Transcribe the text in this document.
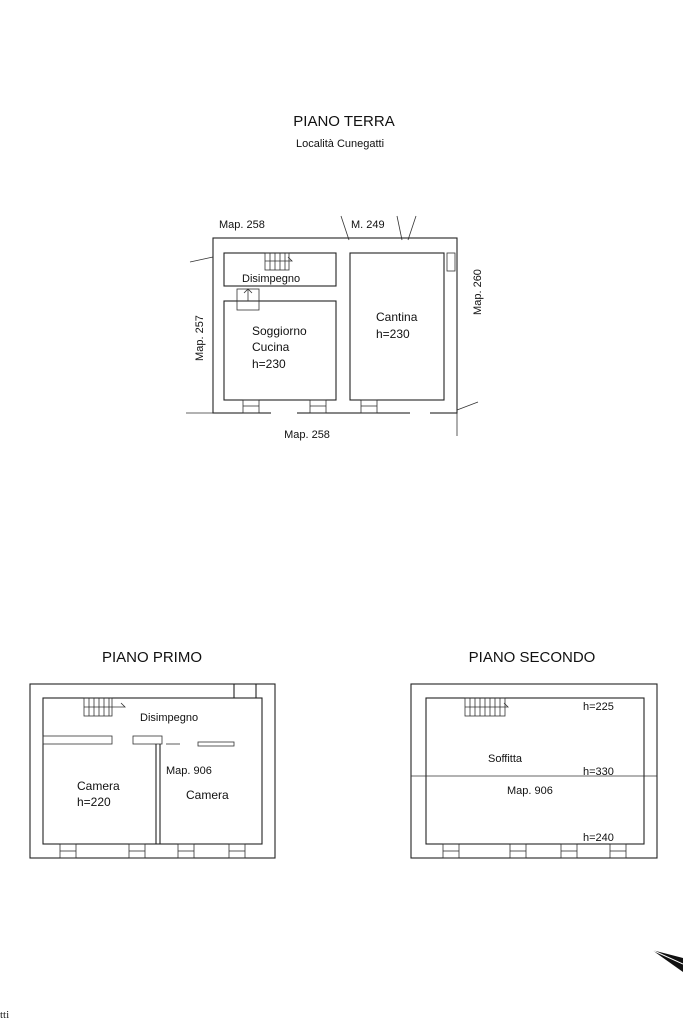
PIANO TERRA
Località Cunegatti
Map. 258	M. 249
Map. 257
Map. 260
Map. 258
Disimpegno
Soggiorno
Cucina
h=230
Cantina
h=230
PIANO PRIMO
Disimpegno
Map. 906
Camera
h=220	Camera
PIANO SECONDO
h=225
Soffitta
h=330
Map. 906
h=240
tti
